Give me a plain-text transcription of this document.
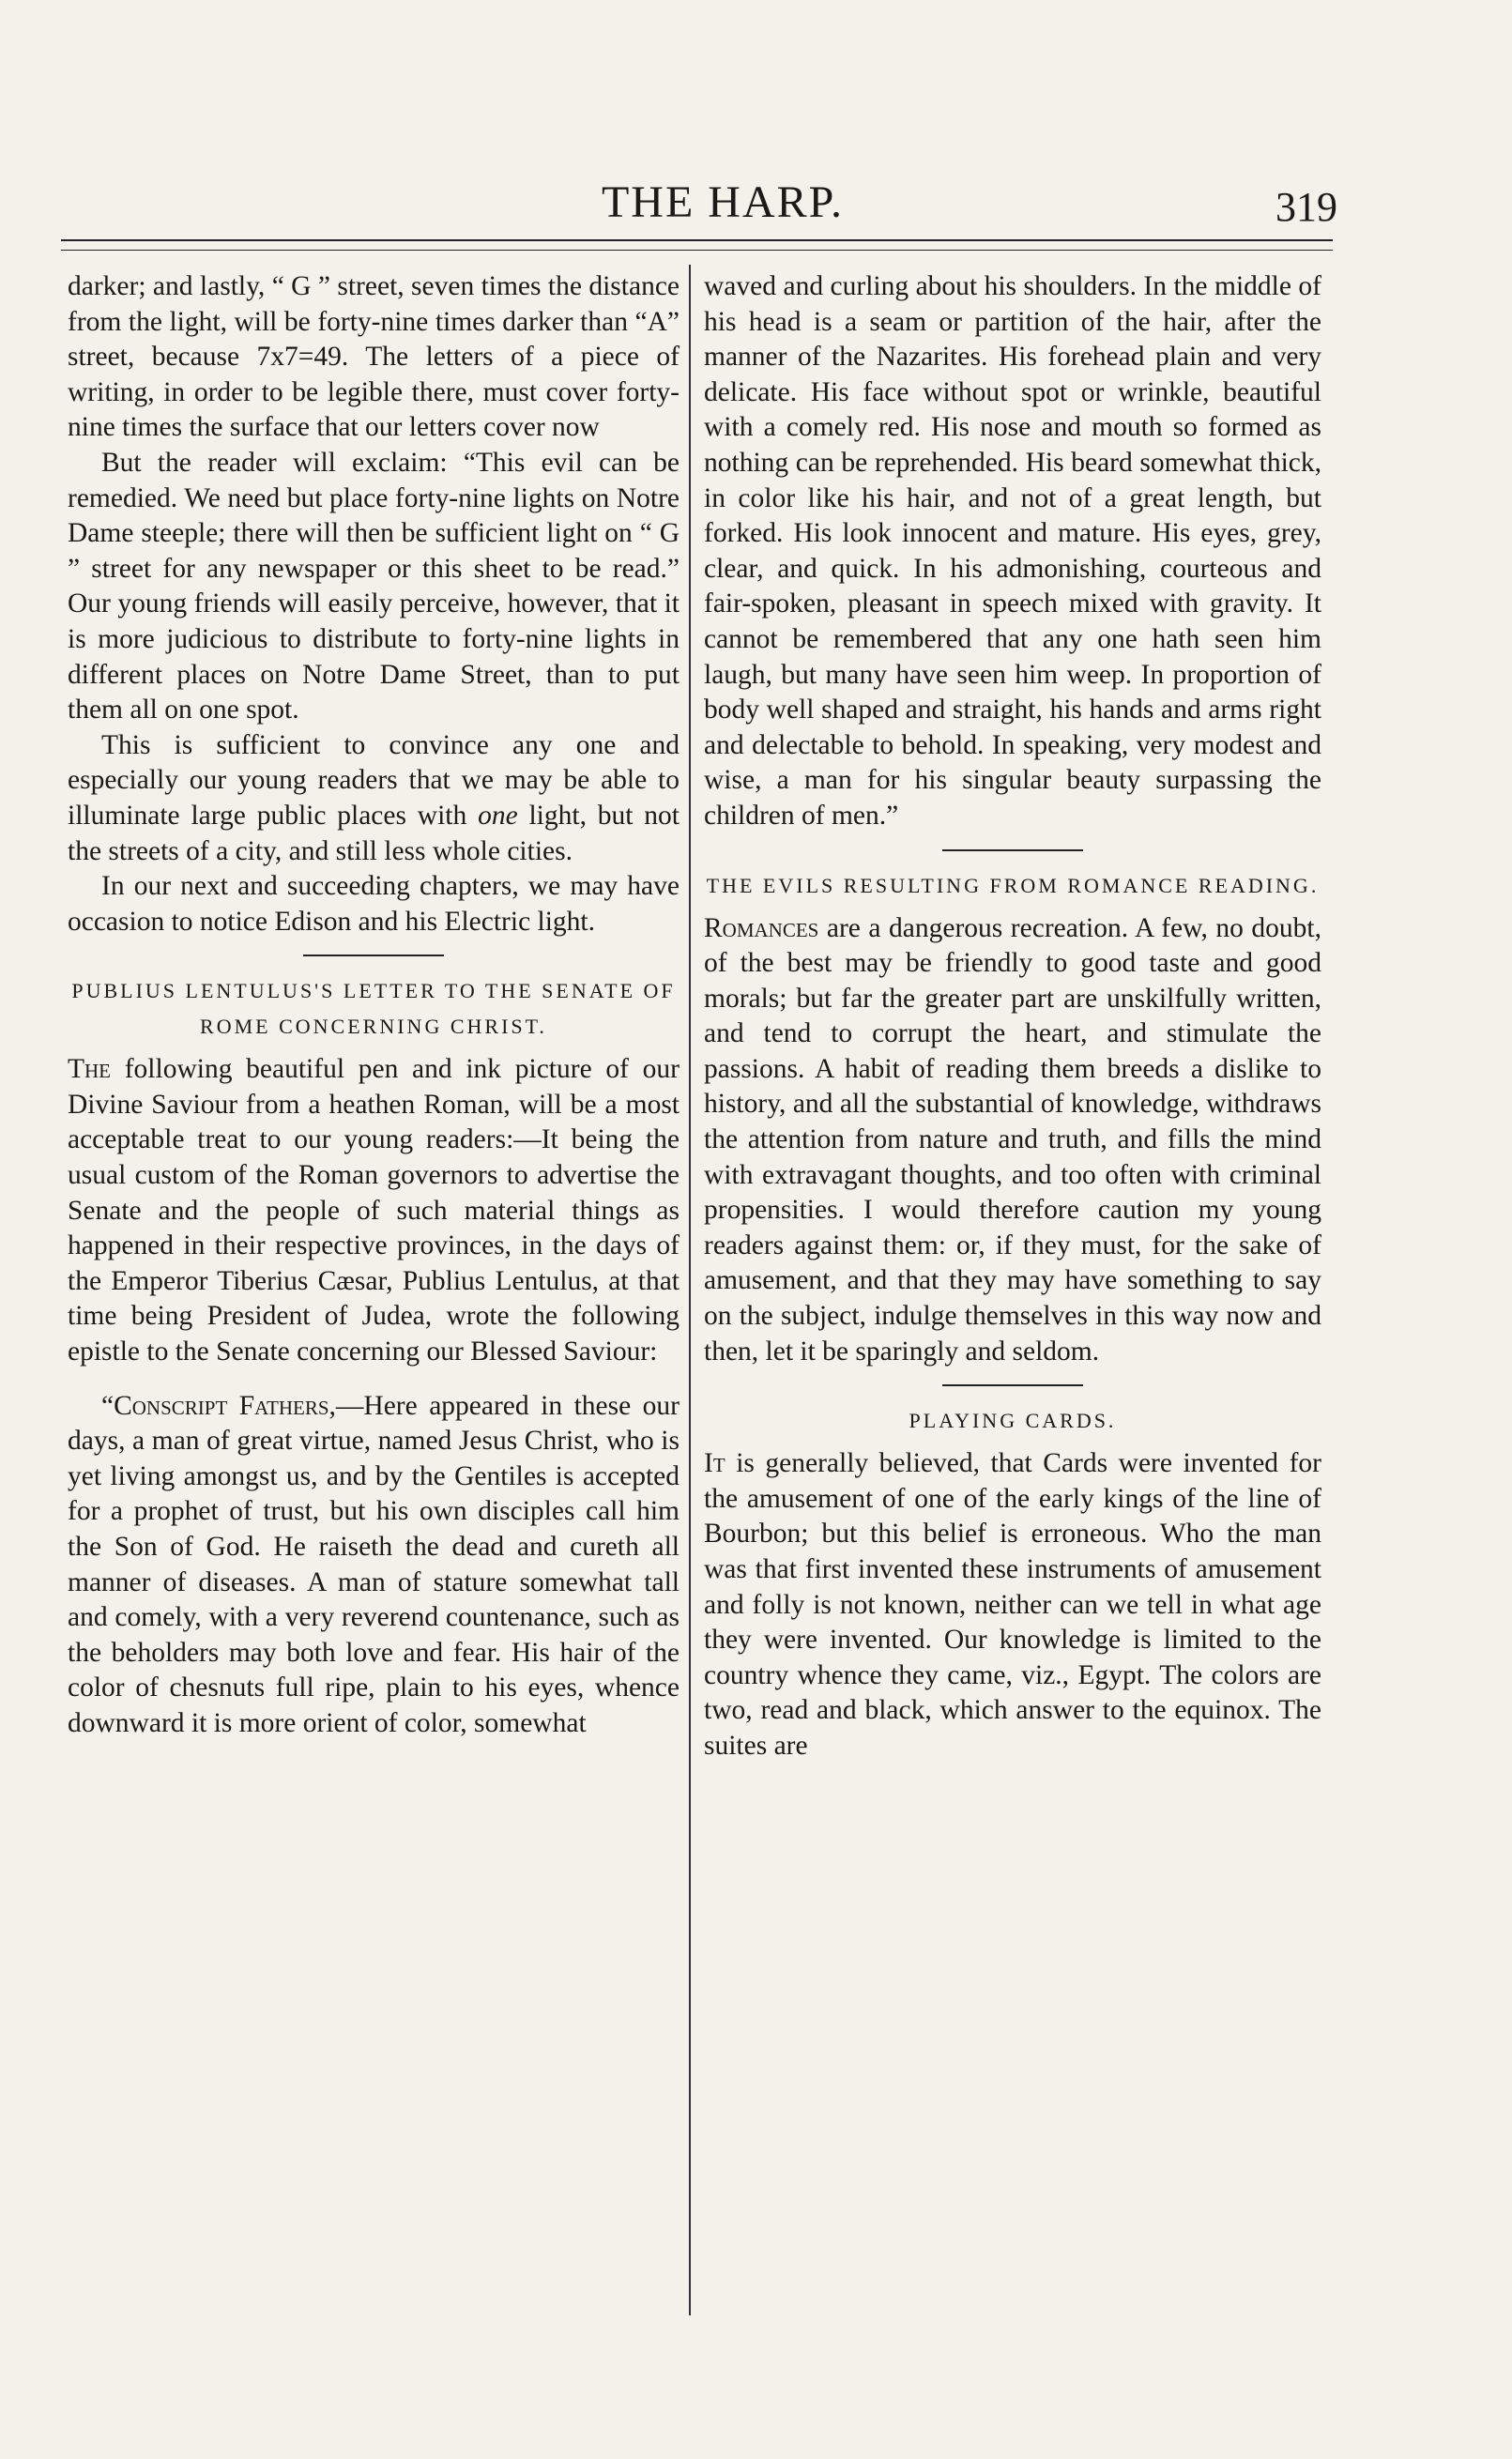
THE HARP.	319

darker; and lastly, “ G ” street, seven times the distance from the light, will be forty-nine times darker than “A” street, because 7x7=49. The letters of a piece of writing, in order to be legible there, must cover forty-nine times the surface that our letters cover now

But the reader will exclaim: “This evil can be remedied. We need but place forty-nine lights on Notre Dame steeple; there will then be sufficient light on “ G ” street for any newspaper or this sheet to be read.” Our young friends will easily perceive, however, that it is more judicious to distribute to forty-nine lights in different places on Notre Dame Street, than to put them all on one spot.

This is sufficient to convince any one and especially our young readers that we may be able to illuminate large public places with one light, but not the streets of a city, and still less whole cities.

In our next and succeeding chapters, we may have occasion to notice Edison and his Electric light.

PUBLIUS LENTULUS'S LETTER TO THE SENATE OF ROME CONCERNING CHRIST.

The following beautiful pen and ink picture of our Divine Saviour from a heathen Roman, will be a most acceptable treat to our young readers:—It being the usual custom of the Roman governors to advertise the Senate and the people of such material things as happened in their respective provinces, in the days of the Emperor Tiberius Cæsar, Publius Lentulus, at that time being President of Judea, wrote the following epistle to the Senate concerning our Blessed Saviour:

“Conscript Fathers,—Here appeared in these our days, a man of great virtue, named Jesus Christ, who is yet living amongst us, and by the Gentiles is accepted for a prophet of trust, but his own disciples call him the Son of God. He raiseth the dead and cureth all manner of diseases. A man of stature somewhat tall and comely, with a very reverend countenance, such as the beholders may both love and fear. His hair of the color of chesnuts full ripe, plain to his eyes, whence downward it is more orient of color, somewhat

waved and curling about his shoulders. In the middle of his head is a seam or partition of the hair, after the manner of the Nazarites. His forehead plain and very delicate. His face without spot or wrinkle, beautiful with a comely red. His nose and mouth so formed as nothing can be reprehended. His beard somewhat thick, in color like his hair, and not of a great length, but forked. His look innocent and mature. His eyes, grey, clear, and quick. In his admonishing, courteous and fair-spoken, pleasant in speech mixed with gravity. It cannot be remembered that any one hath seen him laugh, but many have seen him weep. In proportion of body well shaped and straight, his hands and arms right and delectable to behold. In speaking, very modest and wise, a man for his singular beauty surpassing the children of men.”

THE EVILS RESULTING FROM ROMANCE READING.

Romances are a dangerous recreation. A few, no doubt, of the best may be friendly to good taste and good morals; but far the greater part are unskilfully written, and tend to corrupt the heart, and stimulate the passions. A habit of reading them breeds a dislike to history, and all the substantial of knowledge, withdraws the attention from nature and truth, and fills the mind with extravagant thoughts, and too often with criminal propensities. I would therefore caution my young readers against them: or, if they must, for the sake of amusement, and that they may have something to say on the subject, indulge themselves in this way now and then, let it be sparingly and seldom.

PLAYING CARDS.

It is generally believed, that Cards were invented for the amusement of one of the early kings of the line of Bourbon; but this belief is erroneous. Who the man was that first invented these instruments of amusement and folly is not known, neither can we tell in what age they were invented. Our knowledge is limited to the country whence they came, viz., Egypt. The colors are two, read and black, which answer to the equinox. The suites are
